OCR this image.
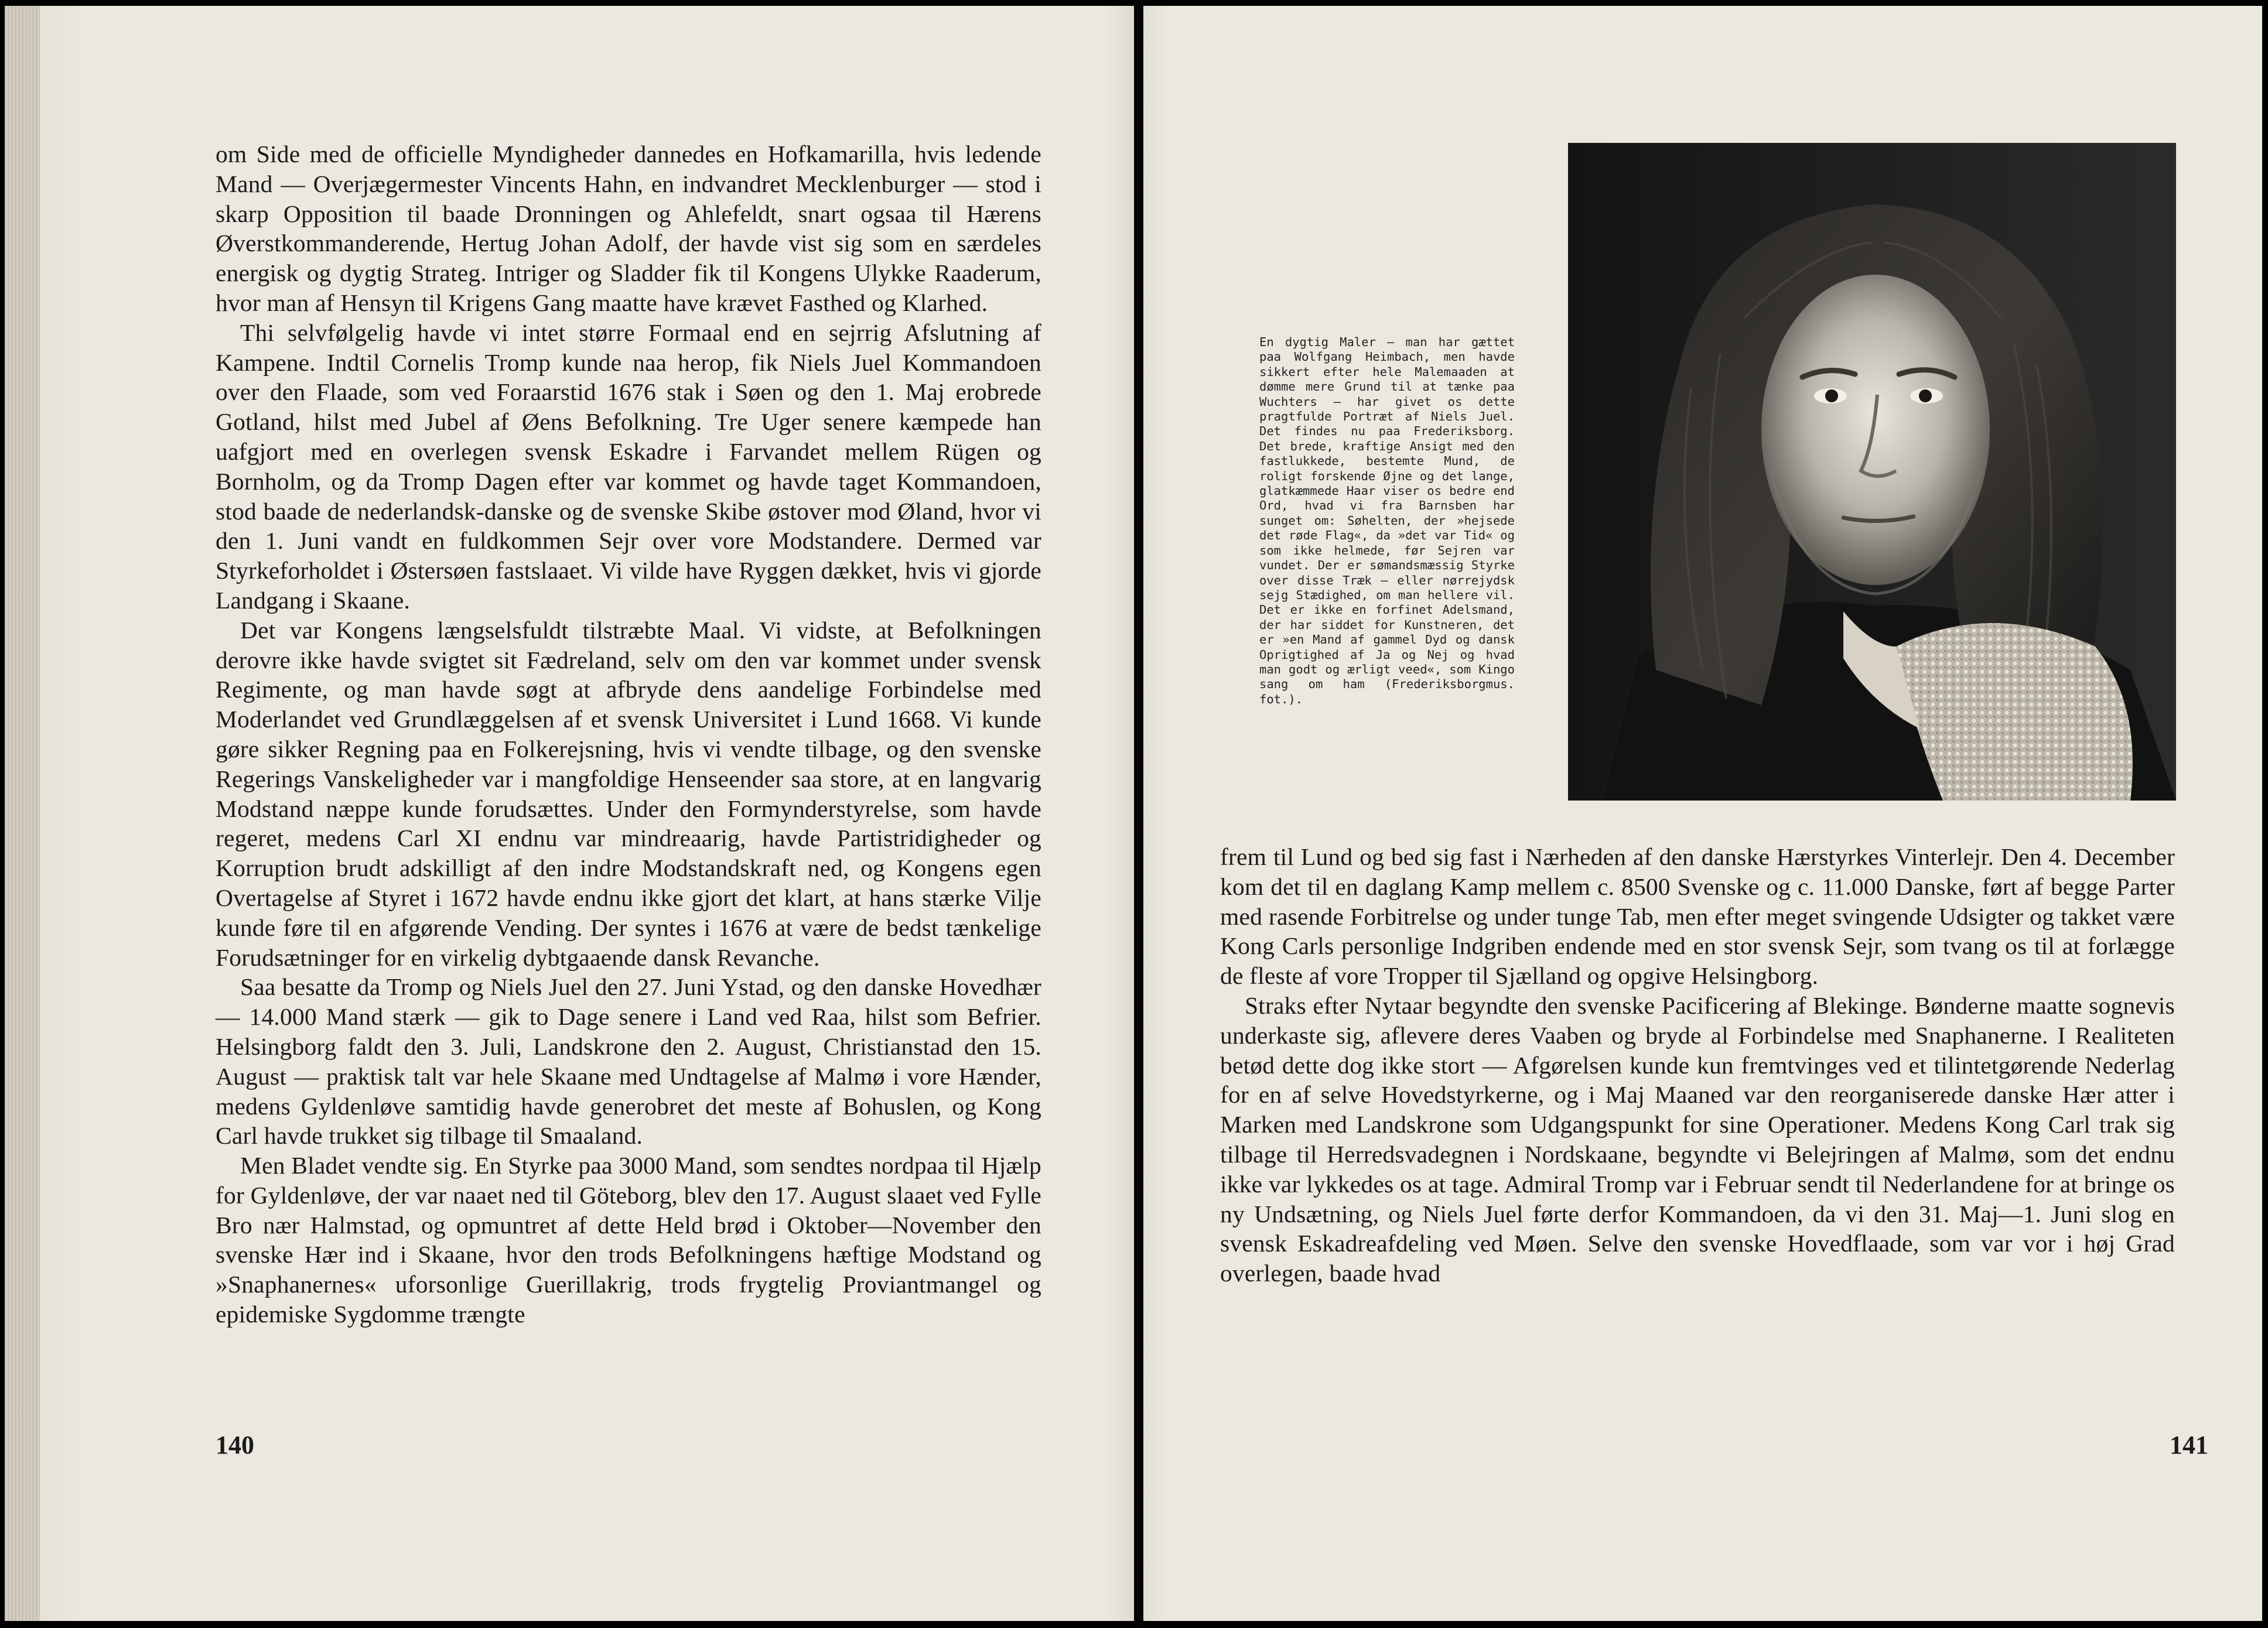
om Side med de officielle Myndigheder dannedes en Hofkamarilla, hvis ledende Mand — Overjægermester Vincents Hahn, en indvandret Mecklenburger — stod i skarp Opposition til baade Dronningen og Ahlefeldt, snart ogsaa til Hærens Øverstkommanderende, Hertug Johan Adolf, der havde vist sig som en særdeles energisk og dygtig Strateg. Intriger og Sladder fik til Kongens Ulykke Raaderum, hvor man af Hensyn til Krigens Gang maatte have krævet Fasthed og Klarhed.

Thi selvfølgelig havde vi intet større Formaal end en sejrrig Afslutning af Kampene. Indtil Cornelis Tromp kunde naa herop, fik Niels Juel Kommandoen over den Flaade, som ved Foraarstid 1676 stak i Søen og den 1. Maj erobrede Gotland, hilst med Jubel af Øens Befolkning. Tre Uger senere kæmpede han uafgjort med en overlegen svensk Eskadre i Farvandet mellem Rügen og Bornholm, og da Tromp Dagen efter var kommet og havde taget Kommandoen, stod baade de nederlandsk-danske og de svenske Skibe østover mod Øland, hvor vi den 1. Juni vandt en fuldkommen Sejr over vore Modstandere. Dermed var Styrkeforholdet i Østersøen fastslaaet. Vi vilde have Ryggen dækket, hvis vi gjorde Landgang i Skaane.

Det var Kongens længselsfuldt tilstræbte Maal. Vi vidste, at Befolkningen derovre ikke havde svigtet sit Fædreland, selv om den var kommet under svensk Regimente, og man havde søgt at afbryde dens aandelige Forbindelse med Moderlandet ved Grundlæggelsen af et svensk Universitet i Lund 1668. Vi kunde gøre sikker Regning paa en Folkerejsning, hvis vi vendte tilbage, og den svenske Regerings Vanskeligheder var i mangfoldige Henseender saa store, at en langvarig Modstand næppe kunde forudsættes. Under den Formynderstyrelse, som havde regeret, medens Carl XI endnu var mindreaarig, havde Partistridigheder og Korruption brudt adskilligt af den indre Modstandskraft ned, og Kongens egen Overtagelse af Styret i 1672 havde endnu ikke gjort det klart, at hans stærke Vilje kunde føre til en afgørende Vending. Der syntes i 1676 at være de bedst tænkelige Forudsætninger for en virkelig dybtgaaende dansk Revanche.

Saa besatte da Tromp og Niels Juel den 27. Juni Ystad, og den danske Hovedhær — 14.000 Mand stærk — gik to Dage senere i Land ved Raa, hilst som Befrier. Helsingborg faldt den 3. Juli, Landskrone den 2. August, Christianstad den 15. August — praktisk talt var hele Skaane med Undtagelse af Malmø i vore Hænder, medens Gyldenløve samtidig havde generobret det meste af Bohuslen, og Kong Carl havde trukket sig tilbage til Smaaland.

Men Bladet vendte sig. En Styrke paa 3000 Mand, som sendtes nordpaa til Hjælp for Gyldenløve, der var naaet ned til Göteborg, blev den 17. August slaaet ved Fylle Bro nær Halmstad, og opmuntret af dette Held brød i Oktober—November den svenske Hær ind i Skaane, hvor den trods Befolkningens hæftige Modstand og »Snaphanernes« uforsonlige Guerillakrig, trods frygtelig Proviantmangel og epidemiske Sygdomme trængte

140
En dygtig Maler — man har gættet paa Wolfgang Heimbach, men havde sikkert efter hele Malemaaden at dømme mere Grund til at tænke paa Wuchters — har givet os dette pragtfulde Portræt af Niels Juel. Det findes nu paa Frederiksborg. Det brede, kraftige Ansigt med den fastlukkede, bestemte Mund, de roligt forskende Øjne og det lange, glatkæmmede Haar viser os bedre end Ord, hvad vi fra Barnsben har sunget om: Søhelten, der »hejsede det røde Flag«, da »det var Tid« og som ikke helmede, før Sejren var vundet. Der er sømandsmæssig Styrke over disse Træk — eller nørrejydsk sejg Stædighed, om man hellere vil. Det er ikke en forfinet Adelsmand, der har siddet for Kunstneren, det er »en Mand af gammel Dyd og dansk Oprigtighed af Ja og Nej og hvad man godt og ærligt veed«, som Kingo sang om ham (Frederiksborgmus. fot.).

frem til Lund og bed sig fast i Nærheden af den danske Hærstyrkes Vinterlejr. Den 4. December kom det til en daglang Kamp mellem c. 8500 Svenske og c. 11.000 Danske, ført af begge Parter med rasende Forbitrelse og under tunge Tab, men efter meget svingende Udsigter og takket være Kong Carls personlige Indgriben endende med en stor svensk Sejr, som tvang os til at forlægge de fleste af vore Tropper til Sjælland og opgive Helsingborg.

Straks efter Nytaar begyndte den svenske Pacificering af Blekinge. Bønderne maatte sognevis underkaste sig, aflevere deres Vaaben og bryde al Forbindelse med Snaphanerne. I Realiteten betød dette dog ikke stort — Afgørelsen kunde kun fremtvinges ved et tilintetgørende Nederlag for en af selve Hovedstyrkerne, og i Maj Maaned var den reorganiserede danske Hær atter i Marken med Landskrone som Udgangspunkt for sine Operationer. Medens Kong Carl trak sig tilbage til Herredsvadegnen i Nordskaane, begyndte vi Belejringen af Malmø, som det endnu ikke var lykkedes os at tage. Admiral Tromp var i Februar sendt til Nederlandene for at bringe os ny Undsætning, og Niels Juel førte derfor Kommandoen, da vi den 31. Maj—1. Juni slog en svensk Eskadreafdeling ved Møen. Selve den svenske Hovedflaade, som var vor i høj Grad overlegen, baade hvad

141
